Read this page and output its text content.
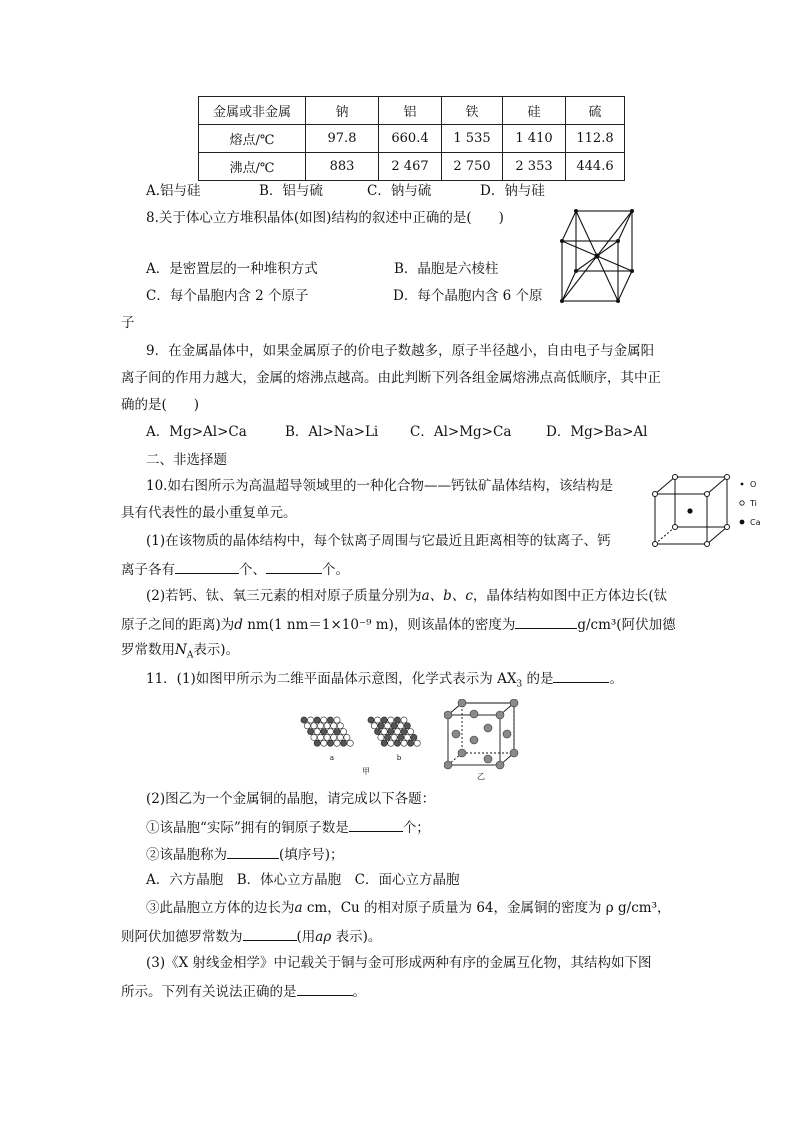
金属或非金属	钠	铝	铁	硅	硫
熔点/℃	97.8	660.4	1 535	1 410	112.8
沸点/℃	883	2 467	2 750	2 353	444.6
A.铝与硅	B．铝与硫	C．钠与硫	D．钠与硅
8.关于体心立方堆积晶体(如图)结构的叙述中正确的是(　　)
A．是密置层的一种堆积方式	B．晶胞是六棱柱
C．每个晶胞内含 2 个原子	D．每个晶胞内含 6 个原
子
9．在金属晶体中，如果金属原子的价电子数越多，原子半径越小，自由电子与金属阳
离子间的作用力越大，金属的熔沸点越高。由此判断下列各组金属熔沸点高低顺序，其中正
确的是(　　)
A．Mg>Al>Ca	B．Al>Na>Li C．Al>Mg>Ca	D．Mg>Ba>Al
二、非选择题
10.如右图所示为高温超导领域里的一种化合物——钙钛矿晶体结构，该结构是
具有代表性的最小重复单元。
(1)在该物质的晶体结构中，每个钛离子周围与它最近且距离相等的钛离子、钙
离子各有	个、	个。
(2)若钙、钛、氧三元素的相对原子质量分别为a、b、c，晶体结构如图中正方体边长(钛
原子之间的距离)为d nm(1 nm＝1×10⁻⁹ m)，则该晶体的密度为	g/cm³(阿伏加德
罗常数用$N_A$表示)。
O
Ti
Ca
11．(1)如图甲所示为二维平面晶体示意图，化学式表示为 $AX_3$ 的是	。
a	b
甲
乙
(2)图乙为一个金属铜的晶胞，请完成以下各题：
①该晶胞“实际”拥有的铜原子数是	个；
②该晶胞称为	(填序号)；
A．六方晶胞　B．体心立方晶胞　C．面心立方晶胞
③此晶胞立方体的边长为a cm，Cu 的相对原子质量为 64，金属铜的密度为 ρ g/cm³，
则阿伏加德罗常数为	(用aρ 表示)。
(3)《X 射线金相学》中记载关于铜与金可形成两种有序的金属互化物，其结构如下图
所示。下列有关说法正确的是	。
